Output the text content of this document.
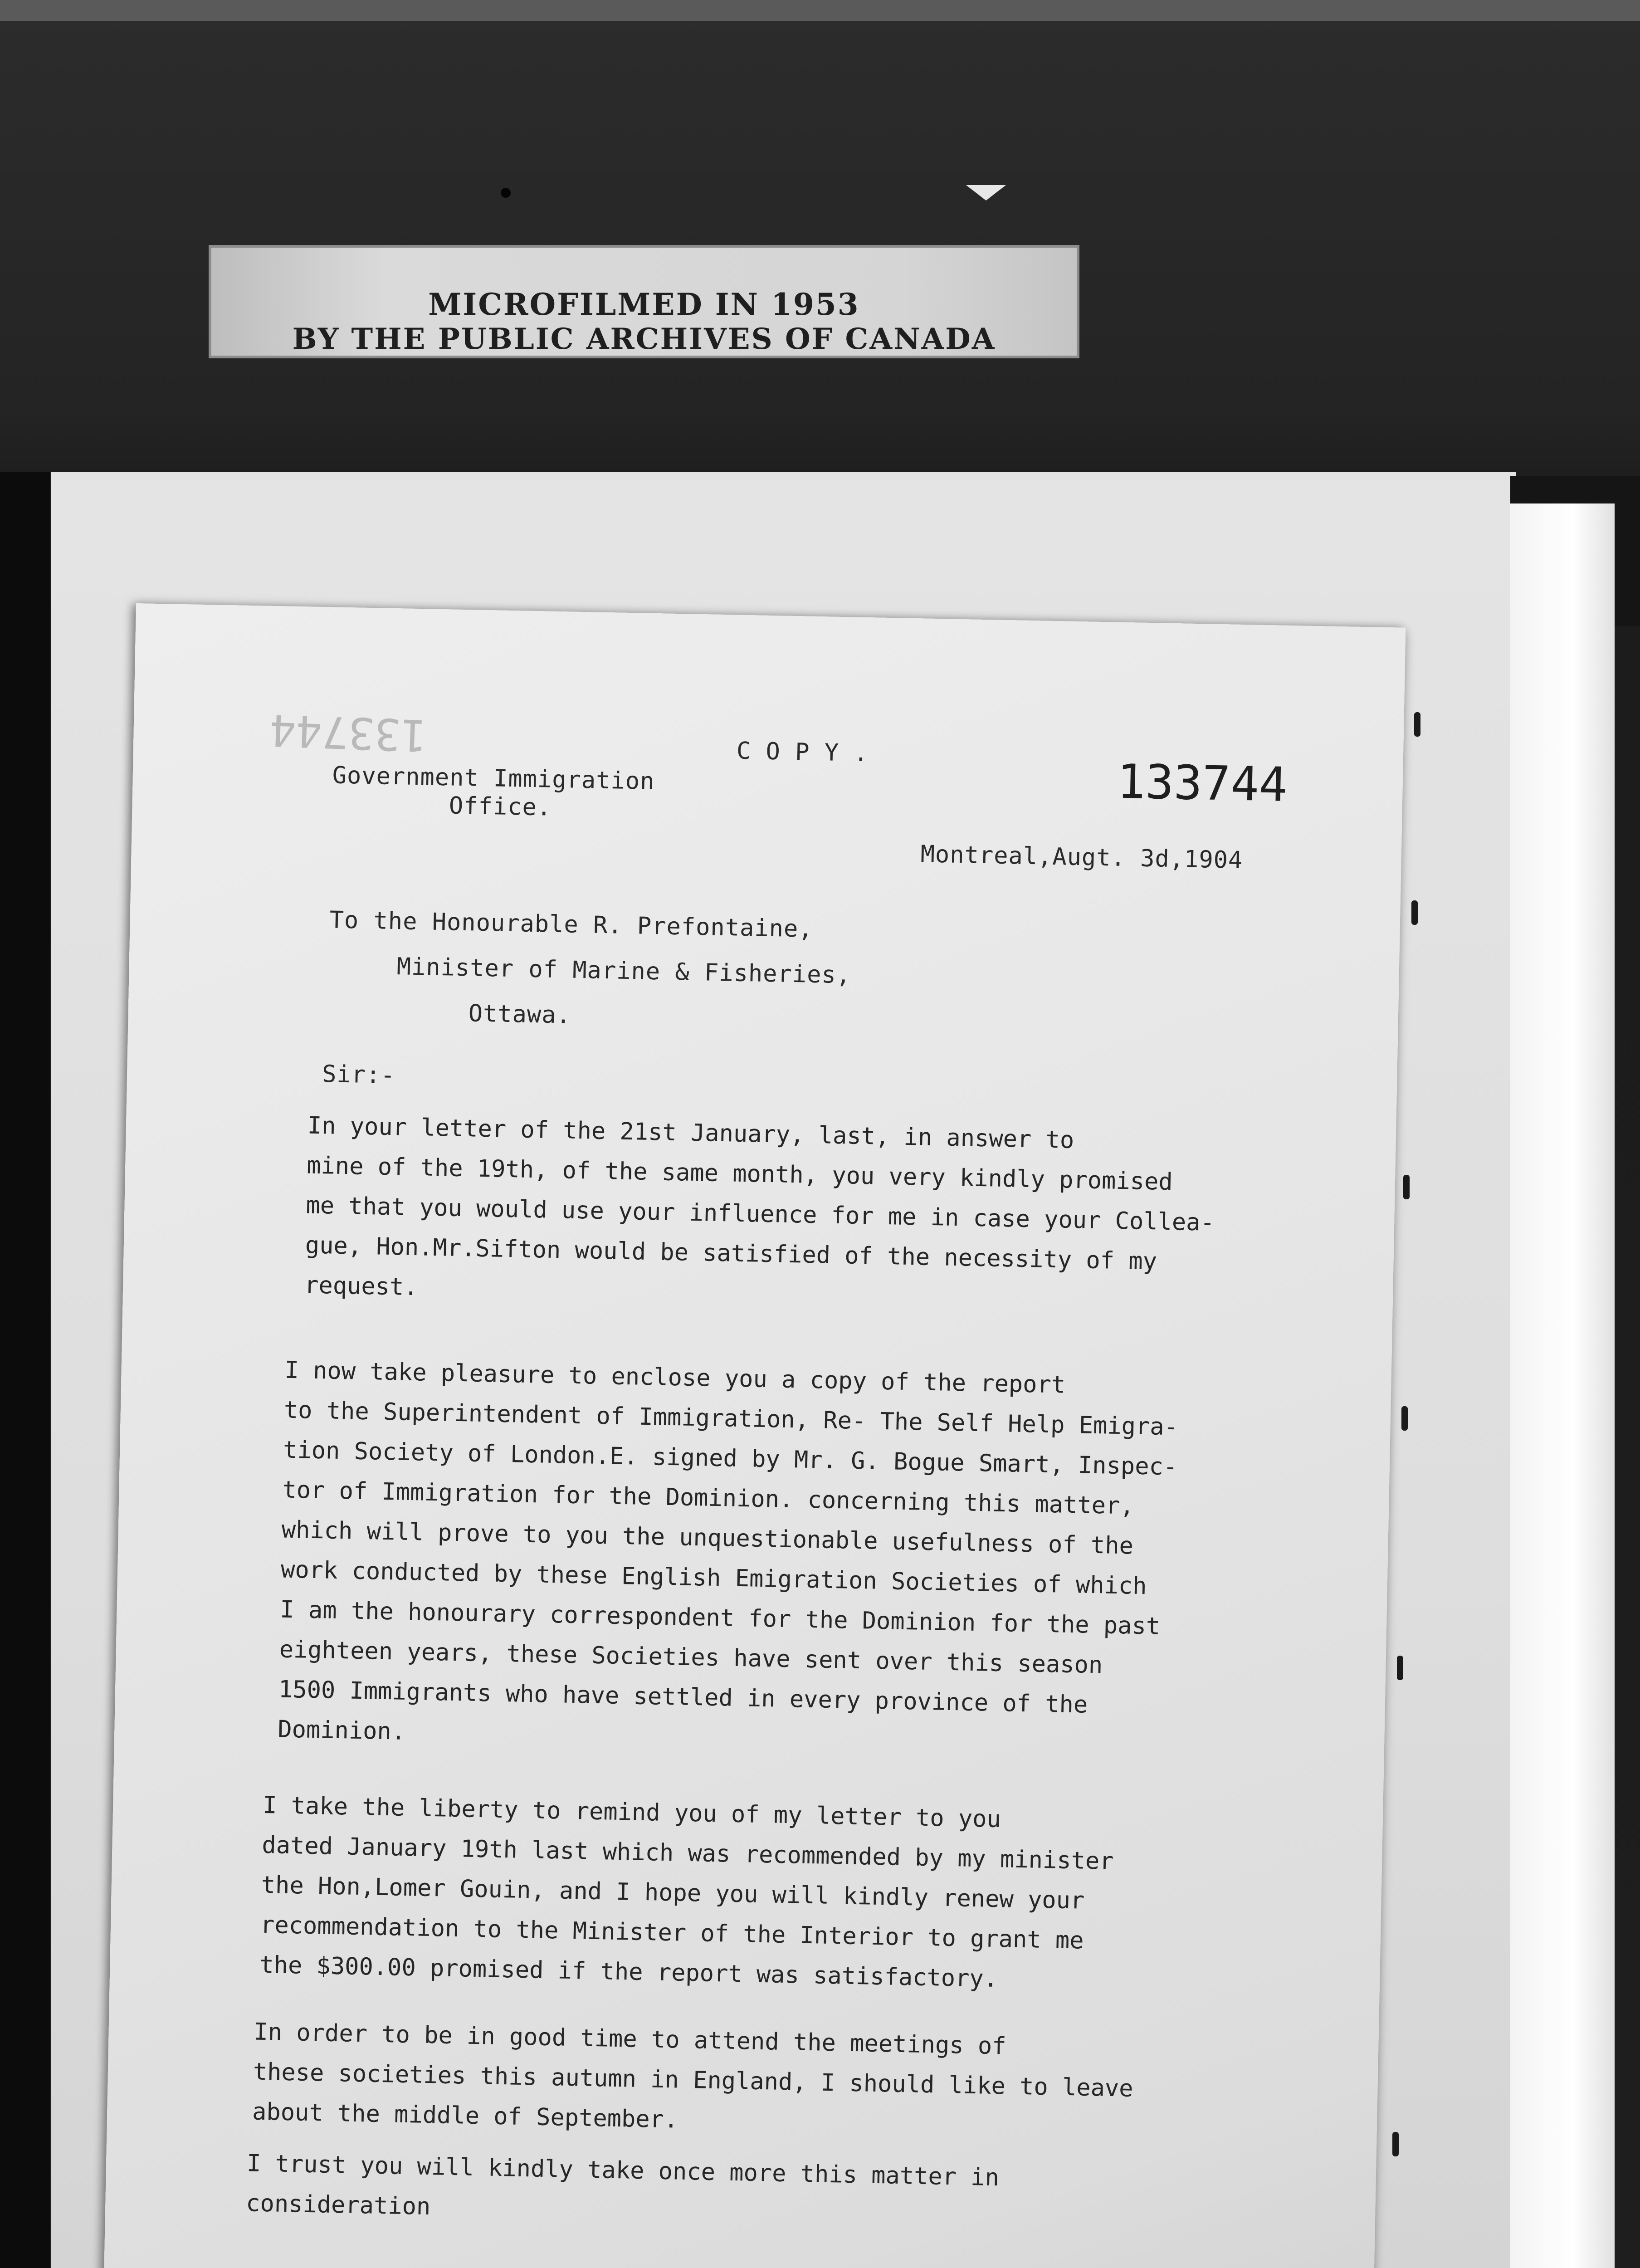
MICROFILMED IN 1953
BY THE PUBLIC ARCHIVES OF CANADA
133744	C O P Y .
133744
Government Immigration
Office.
Montreal,Augt. 3d,1904
To the Honourable R. Prefontaine,
Minister of Marine & Fisheries,
Ottawa.
Sir:-
In your letter of the 21st January, last, in answer to
mine of the 19th, of the same month, you very kindly promised
me that you would use your influence for me in case your Collea-
gue, Hon.Mr.Sifton would be satisfied of the necessity of my
request.
I now take pleasure to enclose you a copy of the report
to the Superintendent of Immigration, Re- The Self Help Emigra-
tion Society of London.E. signed by Mr. G. Bogue Smart, Inspec-
tor of Immigration for the Dominion. concerning this matter,
which will prove to you the unquestionable usefulness of the
work conducted by these English Emigration Societies of which
I am the honourary correspondent for the Dominion for the past
eighteen years, these Societies have sent over this season
1500 Immigrants who have settled in every province of the
Dominion.
I take the liberty to remind you of my letter to you
dated January 19th last which was recommended by my minister
the Hon,Lomer Gouin, and I hope you will kindly renew your
recommendation to the Minister of the Interior to grant me
the $300.00 promised if the report was satisfactory.
In order to be in good time to attend the meetings of
these societies this autumn in England, I should like to leave
about the middle of September.
I trust you will kindly take once more this matter in
consideration
